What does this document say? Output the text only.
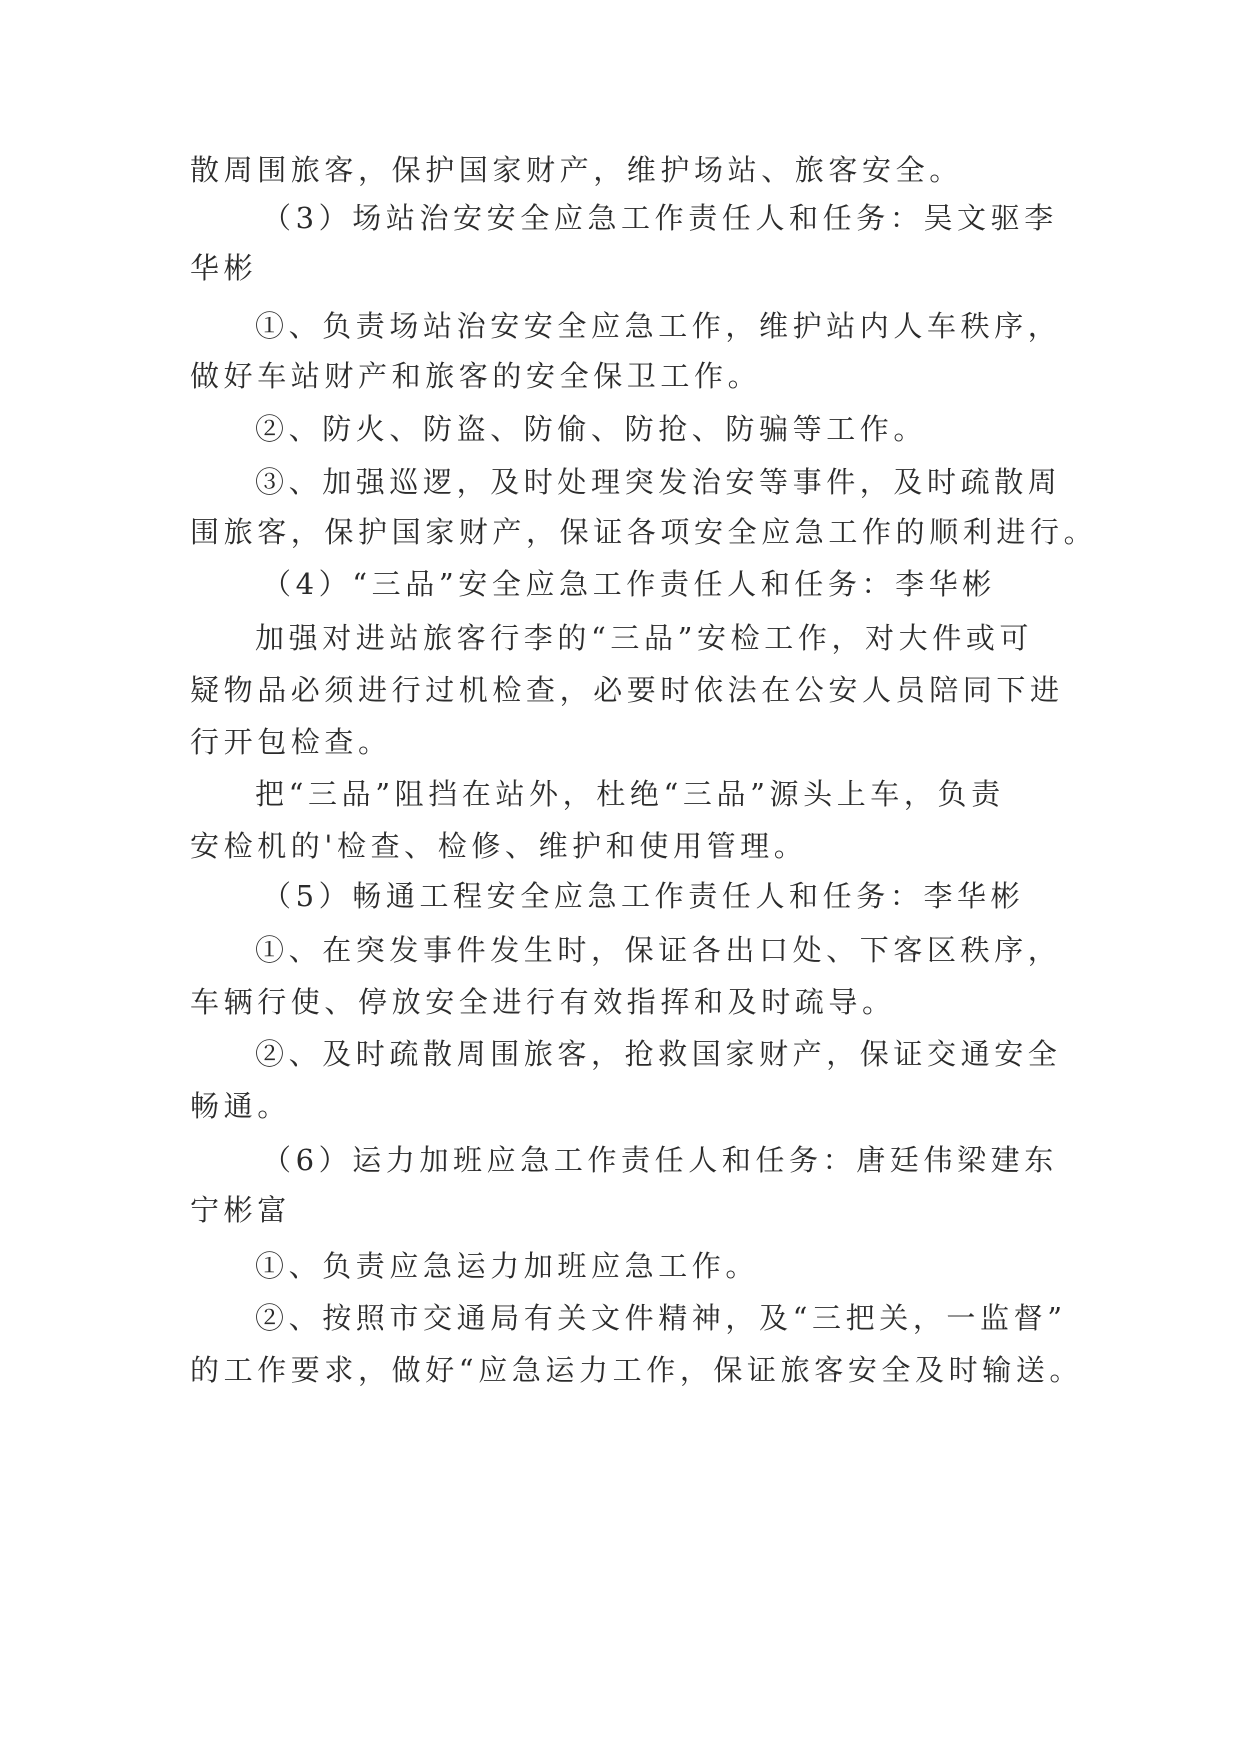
散周围旅客，保护国家财产，维护场站、旅客安全。
（3）场站治安安全应急工作责任人和任务：吴文驱李
华彬
①、负责场站治安安全应急工作，维护站内人车秩序，
做好车站财产和旅客的安全保卫工作。
②、防火、防盗、防偷、防抢、防骗等工作。
③、加强巡逻，及时处理突发治安等事件，及时疏散周
围旅客，保护国家财产，保证各项安全应急工作的顺利进行。
（4）“三品”安全应急工作责任人和任务：李华彬
加强对进站旅客行李的“三品”安检工作，对大件或可
疑物品必须进行过机检查，必要时依法在公安人员陪同下进
行开包检查。
把“三品”阻挡在站外，杜绝“三品”源头上车，负责
安检机的'检查、检修、维护和使用管理。
（5）畅通工程安全应急工作责任人和任务：李华彬
①、在突发事件发生时，保证各出口处、下客区秩序，
车辆行使、停放安全进行有效指挥和及时疏导。
②、及时疏散周围旅客，抢救国家财产，保证交通安全
畅通。
（6）运力加班应急工作责任人和任务：唐廷伟梁建东
宁彬富
①、负责应急运力加班应急工作。
②、按照市交通局有关文件精神，及“三把关，一监督”
的工作要求，做好“应急运力工作，保证旅客安全及时输送。
